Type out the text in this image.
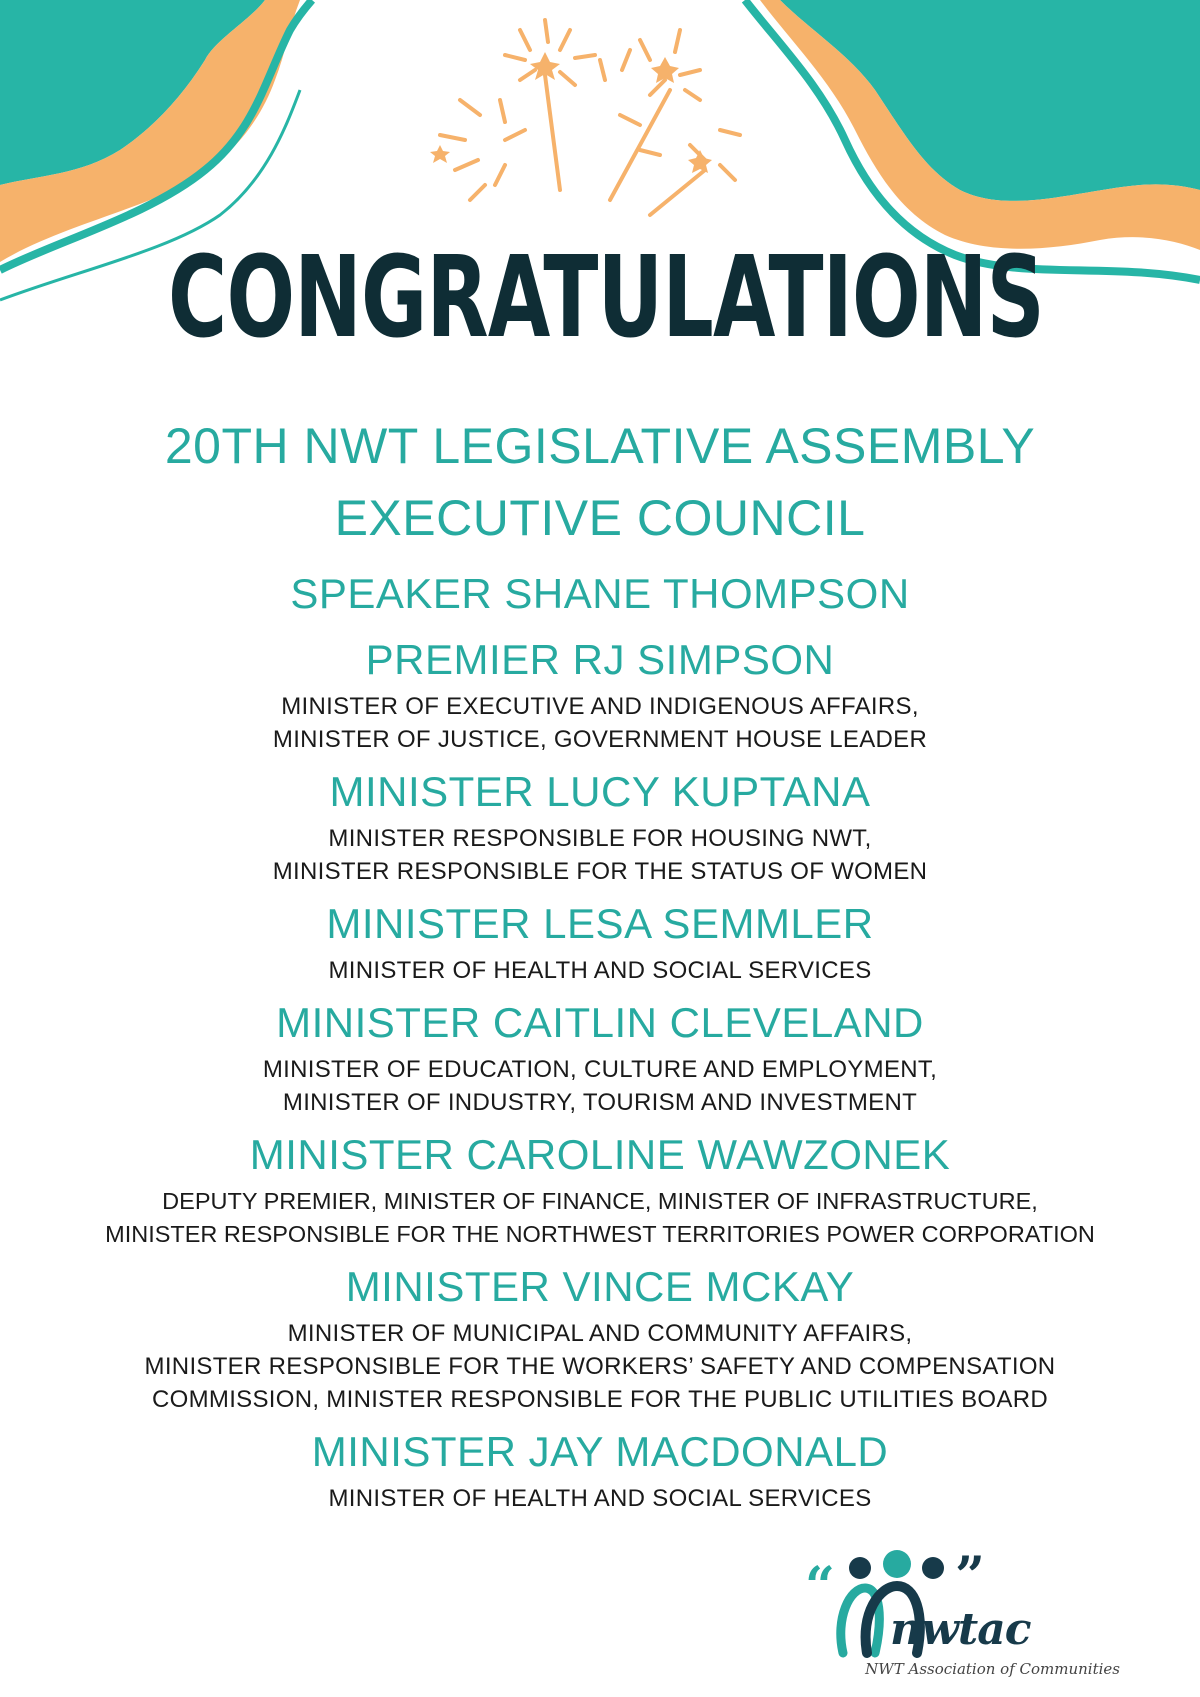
CONGRATULATIONS
20TH NWT LEGISLATIVE ASSEMBLY
EXECUTIVE COUNCIL
SPEAKER SHANE THOMPSON
PREMIER RJ SIMPSON
MINISTER OF EXECUTIVE AND INDIGENOUS AFFAIRS,
MINISTER OF JUSTICE, GOVERNMENT HOUSE LEADER
MINISTER LUCY KUPTANA
MINISTER RESPONSIBLE FOR HOUSING NWT,
MINISTER RESPONSIBLE FOR THE STATUS OF WOMEN
MINISTER LESA SEMMLER
MINISTER OF HEALTH AND SOCIAL SERVICES
MINISTER CAITLIN CLEVELAND
MINISTER OF EDUCATION, CULTURE AND EMPLOYMENT,
MINISTER OF INDUSTRY, TOURISM AND INVESTMENT
MINISTER CAROLINE WAWZONEK
DEPUTY PREMIER, MINISTER OF FINANCE, MINISTER OF INFRASTRUCTURE,
MINISTER RESPONSIBLE FOR THE NORTHWEST TERRITORIES POWER CORPORATION
MINISTER VINCE MCKAY
MINISTER OF MUNICIPAL AND COMMUNITY AFFAIRS,
MINISTER RESPONSIBLE FOR THE WORKERS’ SAFETY AND COMPENSATION
COMMISSION, MINISTER RESPONSIBLE FOR THE PUBLIC UTILITIES BOARD
MINISTER JAY MACDONALD
MINISTER OF HEALTH AND SOCIAL SERVICES
“ ”
nwtac
NWT Association of Communities
